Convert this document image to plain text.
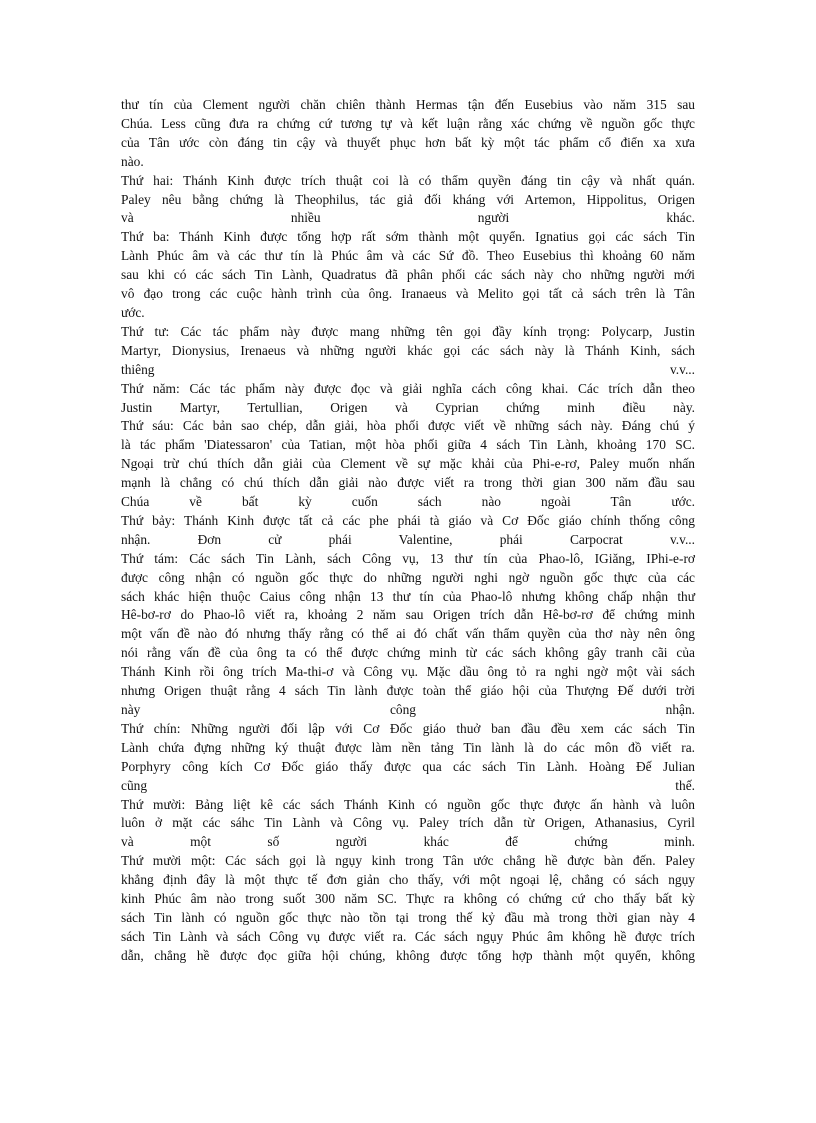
thư tín của Clement người chăn chiên thành Hermas tận đến Eusebius vào năm 315 sau

Chúa. Less cũng đưa ra chứng cứ tương tự và kết luận rằng xác chứng về nguồn gốc thực

của Tân ước còn đáng tin cậy và thuyết phục hơn bất kỳ một tác phẩm cổ điển xa xưa

nào.

Thứ hai: Thánh Kinh được trích thuật coi là có thẩm quyền đáng tin cậy và nhất quán.

Paley nêu bằng chứng là Theophilus, tác giả đối kháng với Artemon, Hippolitus, Origen

và nhiều người khác.

Thứ ba: Thánh Kinh được tổng hợp rất sớm thành một quyển. Ignatius gọi các sách Tin

Lành Phúc âm và các thư tín là Phúc âm và các Sứ đồ. Theo Eusebius thì khoảng 60 năm

sau khi có các sách Tin Lành, Quadratus đã phân phối các sách này cho những người mới

vô đạo trong các cuộc hành trình của ông. Iranaeus và Melito gọi tất cả sách trên là Tân

ước.

Thứ tư: Các tác phẩm này được mang những tên gọi đầy kính trọng: Polycarp, Justin

Martyr, Dionysius, Irenaeus và những người khác gọi các sách này là Thánh Kinh, sách

thiêng v.v...

Thứ năm: Các tác phẩm này được đọc và giải nghĩa cách công khai. Các trích dẫn theo

Justin Martyr, Tertullian, Origen và Cyprian chứng minh điều này.

Thứ sáu: Các bản sao chép, dẫn giải, hòa phối được viết về những sách này. Đáng chú ý

là tác phẩm 'Diatessaron' của Tatian, một hòa phối giữa 4 sách Tin Lành, khoảng 170 SC.

Ngoại trừ chú thích dẫn giải của Clement về sự mặc khải của Phi-e-rơ, Paley muốn nhấn

mạnh là chẳng có chú thích dẫn giải nào được viết ra trong thời gian 300 năm đầu sau

Chúa về bất kỳ cuốn sách nào ngoài Tân ước.

Thứ bảy: Thánh Kinh được tất cả các phe phái tà giáo và Cơ Đốc giáo chính thống công

nhận. Đơn cử phái Valentine, phái Carpocrat v.v...

Thứ tám: Các sách Tin Lành, sách Công vụ, 13 thư tín của Phao-lô, IGiăng, IPhi-e-rơ

được công nhận có nguồn gốc thực do những người nghi ngờ nguồn gốc thực của các

sách khác hiện thuộc Caius công nhận 13 thư tín của Phao-lô nhưng không chấp nhận thư

Hê-bơ-rơ do Phao-lô viết ra, khoảng 2 năm sau Origen trích dẫn Hê-bơ-rơ để chứng minh

một vấn đề nào đó nhưng thấy rằng có thể ai đó chất vấn thẩm quyền của thơ này nên ông

nói rằng vấn đề của ông ta có thể được chứng minh từ các sách không gây tranh cãi của

Thánh Kinh rồi ông trích Ma-thi-ơ và Công vụ. Mặc dầu ông tỏ ra nghi ngờ một vài sách

nhưng Origen thuật rằng 4 sách Tin lành được toàn thể giáo hội của Thượng Đế dưới trời

này công nhận.

Thứ chín: Những người đối lập với Cơ Đốc giáo thuở ban đầu đều xem các sách Tin

Lành chứa đựng những ký thuật được làm nền tảng Tin lành là do các môn đồ viết ra.

Porphyry công kích Cơ Đốc giáo thấy được qua các sách Tin Lành. Hoàng Đế Julian

cũng thế.

Thứ mười: Bảng liệt kê các sách Thánh Kinh có nguồn gốc thực được ấn hành và luôn

luôn ở mặt các sáhc Tin Lành và Công vụ. Paley trích dẫn từ Origen, Athanasius, Cyril

và một số người khác để chứng minh.

Thứ mười một: Các sách gọi là ngụy kinh trong Tân ước chẳng hề được bàn đến. Paley

khẳng định đây là một thực tế đơn giản cho thấy, với một ngoại lệ, chẳng có sách ngụy

kinh Phúc âm nào trong suốt 300 năm SC. Thực ra không có chứng cứ cho thấy bất kỳ

sách Tin lành có nguồn gốc thực nào tồn tại trong thế kỷ đầu mà trong thời gian này 4

sách Tin Lành và sách Công vụ được viết ra. Các sách ngụy Phúc âm không hề được trích

dẫn, chẳng hề được đọc giữa hội chúng, không được tổng hợp thành một quyển, không
